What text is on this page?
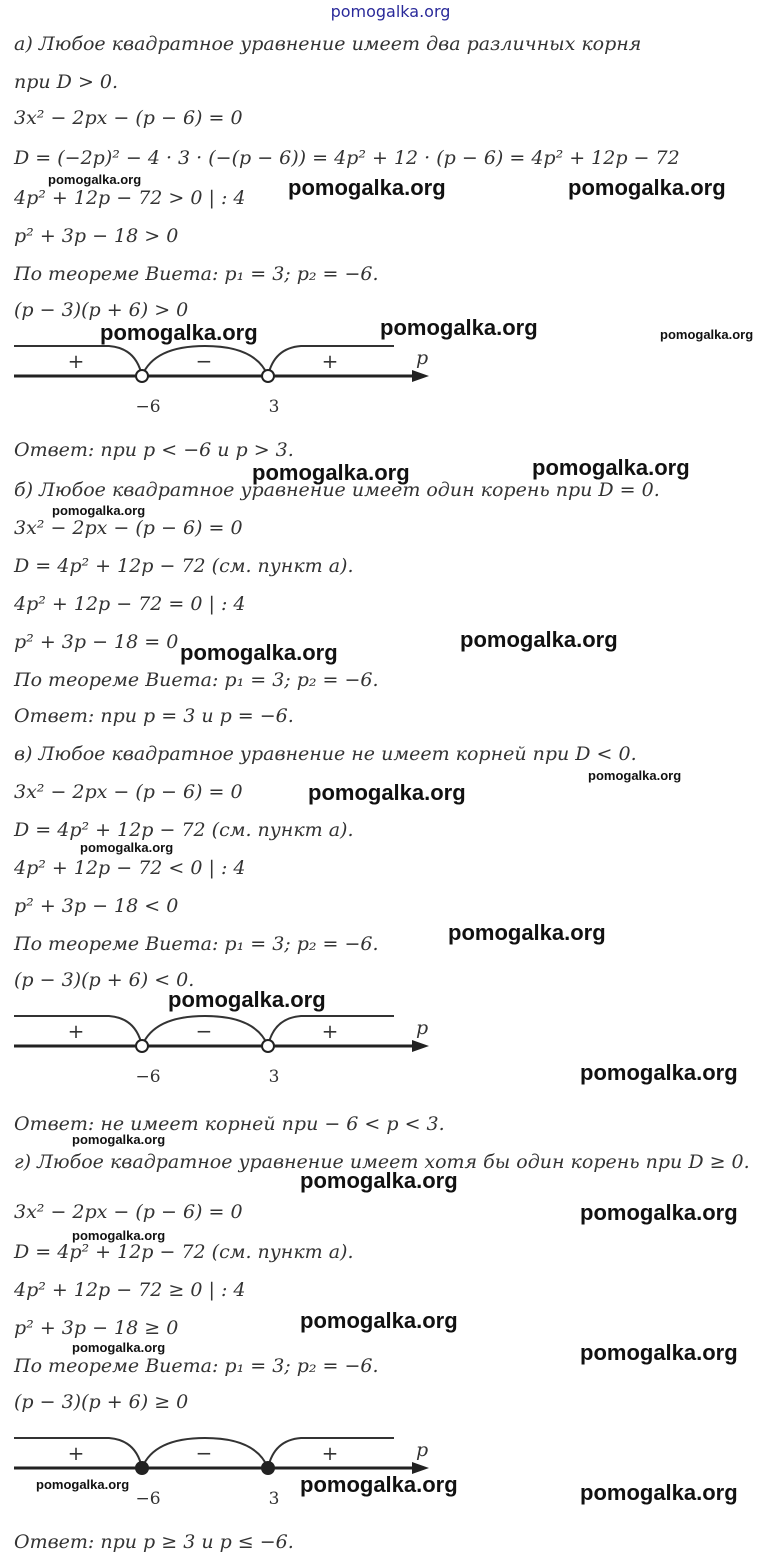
pomogalka.org
а) Любое квадратное уравнение имеет два различных корня
при D > 0.
3x² − 2px − (p − 6) = 0
D = (−2p)² − 4 · 3 · (−(p − 6)) = 4p² + 12 · (p − 6) = 4p² + 12p − 72
4p² + 12p − 72 > 0 | : 4
p² + 3p − 18 > 0
По теореме Виета: p₁ = 3; p₂ = −6.
(p − 3)(p + 6) > 0
Ответ: при p < −6 и p > 3.
б) Любое квадратное уравнение имеет один корень при D = 0.
3x² − 2px − (p − 6) = 0
D = 4p² + 12p − 72 (см. пункт а).
4p² + 12p − 72 = 0 | : 4
p² + 3p − 18 = 0
По теореме Виета: p₁ = 3; p₂ = −6.
Ответ: при p = 3 и p = −6.
в) Любое квадратное уравнение не имеет корней при D < 0.
3x² − 2px − (p − 6) = 0
D = 4p² + 12p − 72 (см. пункт а).
4p² + 12p − 72 < 0 | : 4
p² + 3p − 18 < 0
По теореме Виета: p₁ = 3; p₂ = −6.
(p − 3)(p + 6) < 0.
Ответ: не имеет корней при − 6 < p < 3.
г) Любое квадратное уравнение имеет хотя бы один корень при D ≥ 0.
3x² − 2px − (p − 6) = 0
D = 4p² + 12p − 72 (см. пункт а).
4p² + 12p − 72 ≥ 0 | : 4
p² + 3p − 18 ≥ 0
По теореме Виета: p₁ = 3; p₂ = −6.
(p − 3)(p + 6) ≥ 0
Ответ: при p ≥ 3 и p ≤ −6.
+	−	+
−6	3
p
+	−	+
−6	3
p
+	−	+
−6	3
p
pomogalka.org	pomogalka.org	pomogalka.org
pomogalka.org	pomogalka.org	pomogalka.org
pomogalka.org	pomogalka.org
pomogalka.org
pomogalka.org
pomogalka.org
pomogalka.org
pomogalka.org
pomogalka.org
pomogalka.org
pomogalka.org
pomogalka.org
pomogalka.org
pomogalka.org
pomogalka.org
pomogalka.org
pomogalka.org
pomogalka.org	pomogalka.org
pomogalka.org	pomogalka.org	pomogalka.org
